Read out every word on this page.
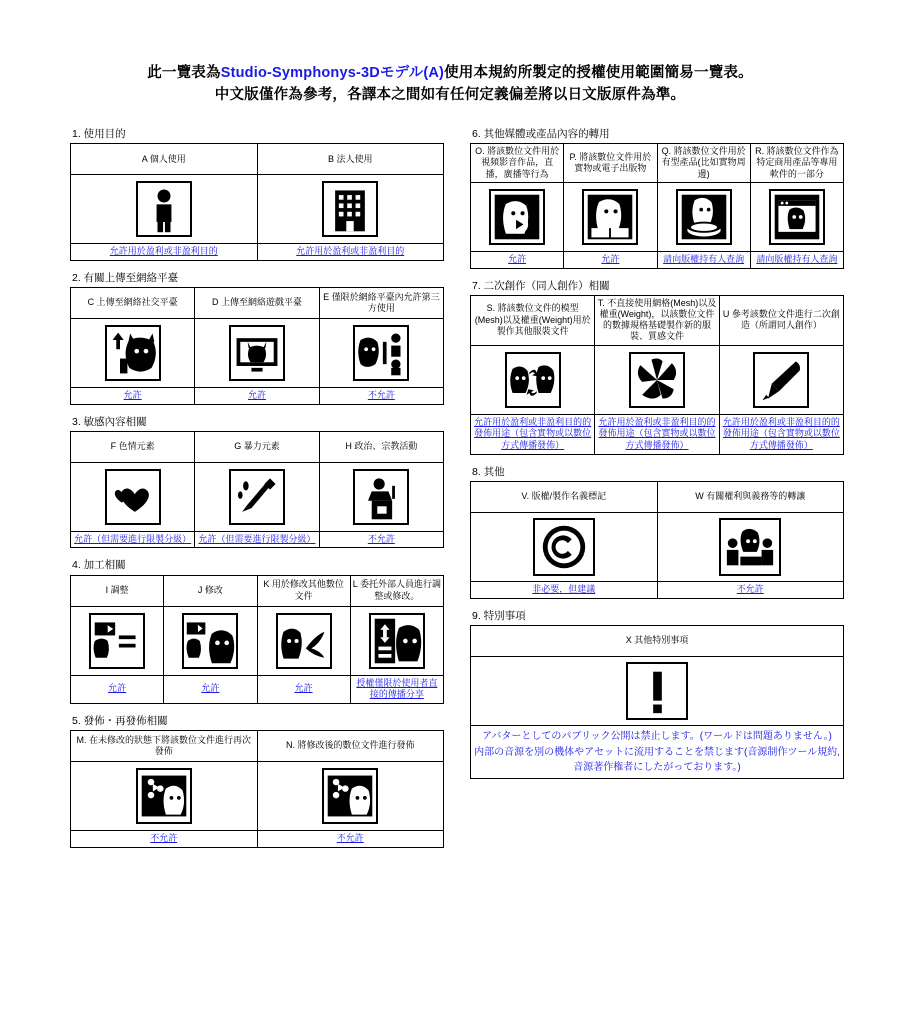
此一覽表為Studio-Symphonys-3Dモデル(A)使用本規約所製定的授權使用範圍簡易一覽表。
中文版僅作為參考，各譯本之間如有任何定義偏差將以日文版原件為準。
1. 使用目的
A 個人使用	B 法人使用

允許用於盈利或非盈利目的	允許用於盈利或非盈利目的
2. 有關上傳至網絡平臺
C 上傳至網絡社交平臺	D 上傳至網絡遊戲平臺	E 僅限於網絡平臺內允許第三方使用

允許	允許	不允許
3. 敏感內容相關
F 色情元素	G 暴力元素	H 政治、宗教活動

允許（但需要進行限製分級）	允許（但需要進行限製分級）	不允許
4. 加工相關
I 調整	J 修改	K 用於修改其他數位文件	L 委托外部人員進行調整或修改。

允許	允許	允許	授權僅限於使用者直接的傳播分享
5. 發佈・再發佈相關
M. 在未修改的狀態下將該數位文件進行再次發佈	N. 將修改後的數位文件進行發佈

不允許	不允許
6. 其他媒體或產品內容的轉用
O. 將該數位文件用於視頻影音作品，直播，廣播等行為	P. 將該數位文件用於實物或電子出版物	Q. 將該數位文件用於有型產品(比如實物周邊)	R. 將該數位文件作為特定商用產品等專用軟件的一部分

允許	允許	請向版權持有人查詢	請向版權持有人查詢
7. 二次創作（同人創作）相關
S. 將該數位文件的模型(Mesh)以及權重(Weight)用於製作其他服裝文件	T. 不直接使用網格(Mesh)以及權重(Weight)，以該數位文件的數據規格基礎製作新的服裝、質感文件	U 參考該數位文件進行二次創造（所謂同人創作）

允許用於盈利或非盈利目的的發佈用途（包含實物或以數位方式傳播發佈）	允許用於盈利或非盈利目的的發佈用途（包含實物或以數位方式傳播發佈）	允許用於盈利或非盈利目的的發佈用途（包含實物或以數位方式傳播發佈）
8. 其他
V. 版權/製作名義標記	W 有關權利與義務等的轉讓

非必要，但建議	不允許
9. 特別事項
X 其他特別事項

アバターとしてのパブリック公開は禁止します。(ワールドは問題ありません。)
内部の音源を別の機体やアセットに流用することを禁じます(音源制作ツール規約,音源著作権者にしたがっております。)
